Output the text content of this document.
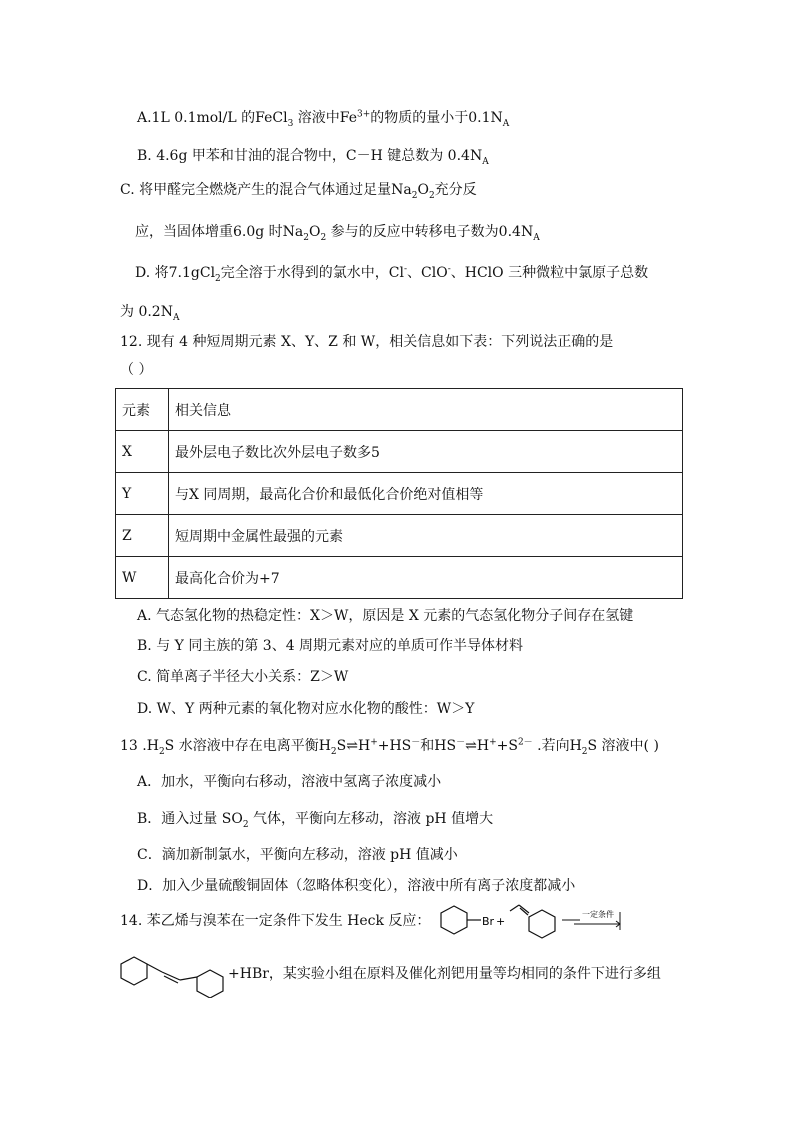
A.1L 0.1mol/L 的FeCl$_3$ 溶液中$Fe^{3+}$的物质的量小于$0.1N_A$
B. 4.6g 甲苯和甘油的混合物中，C－H 键总数为 $0.4N_A$
C. 将甲醛完全燃烧产生的混合气体通过足量$Na_2O_2$充分反
应，当固体增重6.0g 时$Na_2O_2$ 参与的反应中转移电子数为$0.4N_A$
D. 将7.1gCl$_2$完全溶于水得到的氯水中，Cl-、ClO-、HClO 三种微粒中氯原子总数
为 $0.2N_A$
12. 现有 4 种短周期元素 X、Y、Z 和 W，相关信息如下表：下列说法正确的是
（ ）
元素	相关信息
X	最外层电子数比次外层电子数多5
Y	与X 同周期，最高化合价和最低化合价绝对值相等
Z	短周期中金属性最强的元素
W	最高化合价为+7
A. 气态氢化物的热稳定性：X＞W，原因是 X 元素的气态氢化物分子间存在氢键
B. 与 Y 同主族的第 3、4 周期元素对应的单质可作半导体材料
C. 简单离子半径大小关系：Z＞W
D. W、Y 两种元素的氧化物对应水化物的酸性：W＞Y
13 $.H_2S$ 水溶液中存在电离平衡$H_2S\rightleftharpoons H^++HS^-$和$HS^-\rightleftharpoons H^++S^{2-}$ .若向$H_2S$ 溶液中( )
A．加水，平衡向右移动，溶液中氢离子浓度减小
B．通入过量 $SO_2$ 气体，平衡向左移动，溶液 pH 值增大
C．滴加新制氯水，平衡向左移动，溶液 pH 值减小
D．加入少量硫酸铜固体（忽略体积变化），溶液中所有离子浓度都减小
14. 苯乙烯与溴苯在一定条件下发生 Heck 反应：	Br +
一定条件
+HBr，某实验小组在原料及催化剂钯用量等均相同的条件下进行多组
